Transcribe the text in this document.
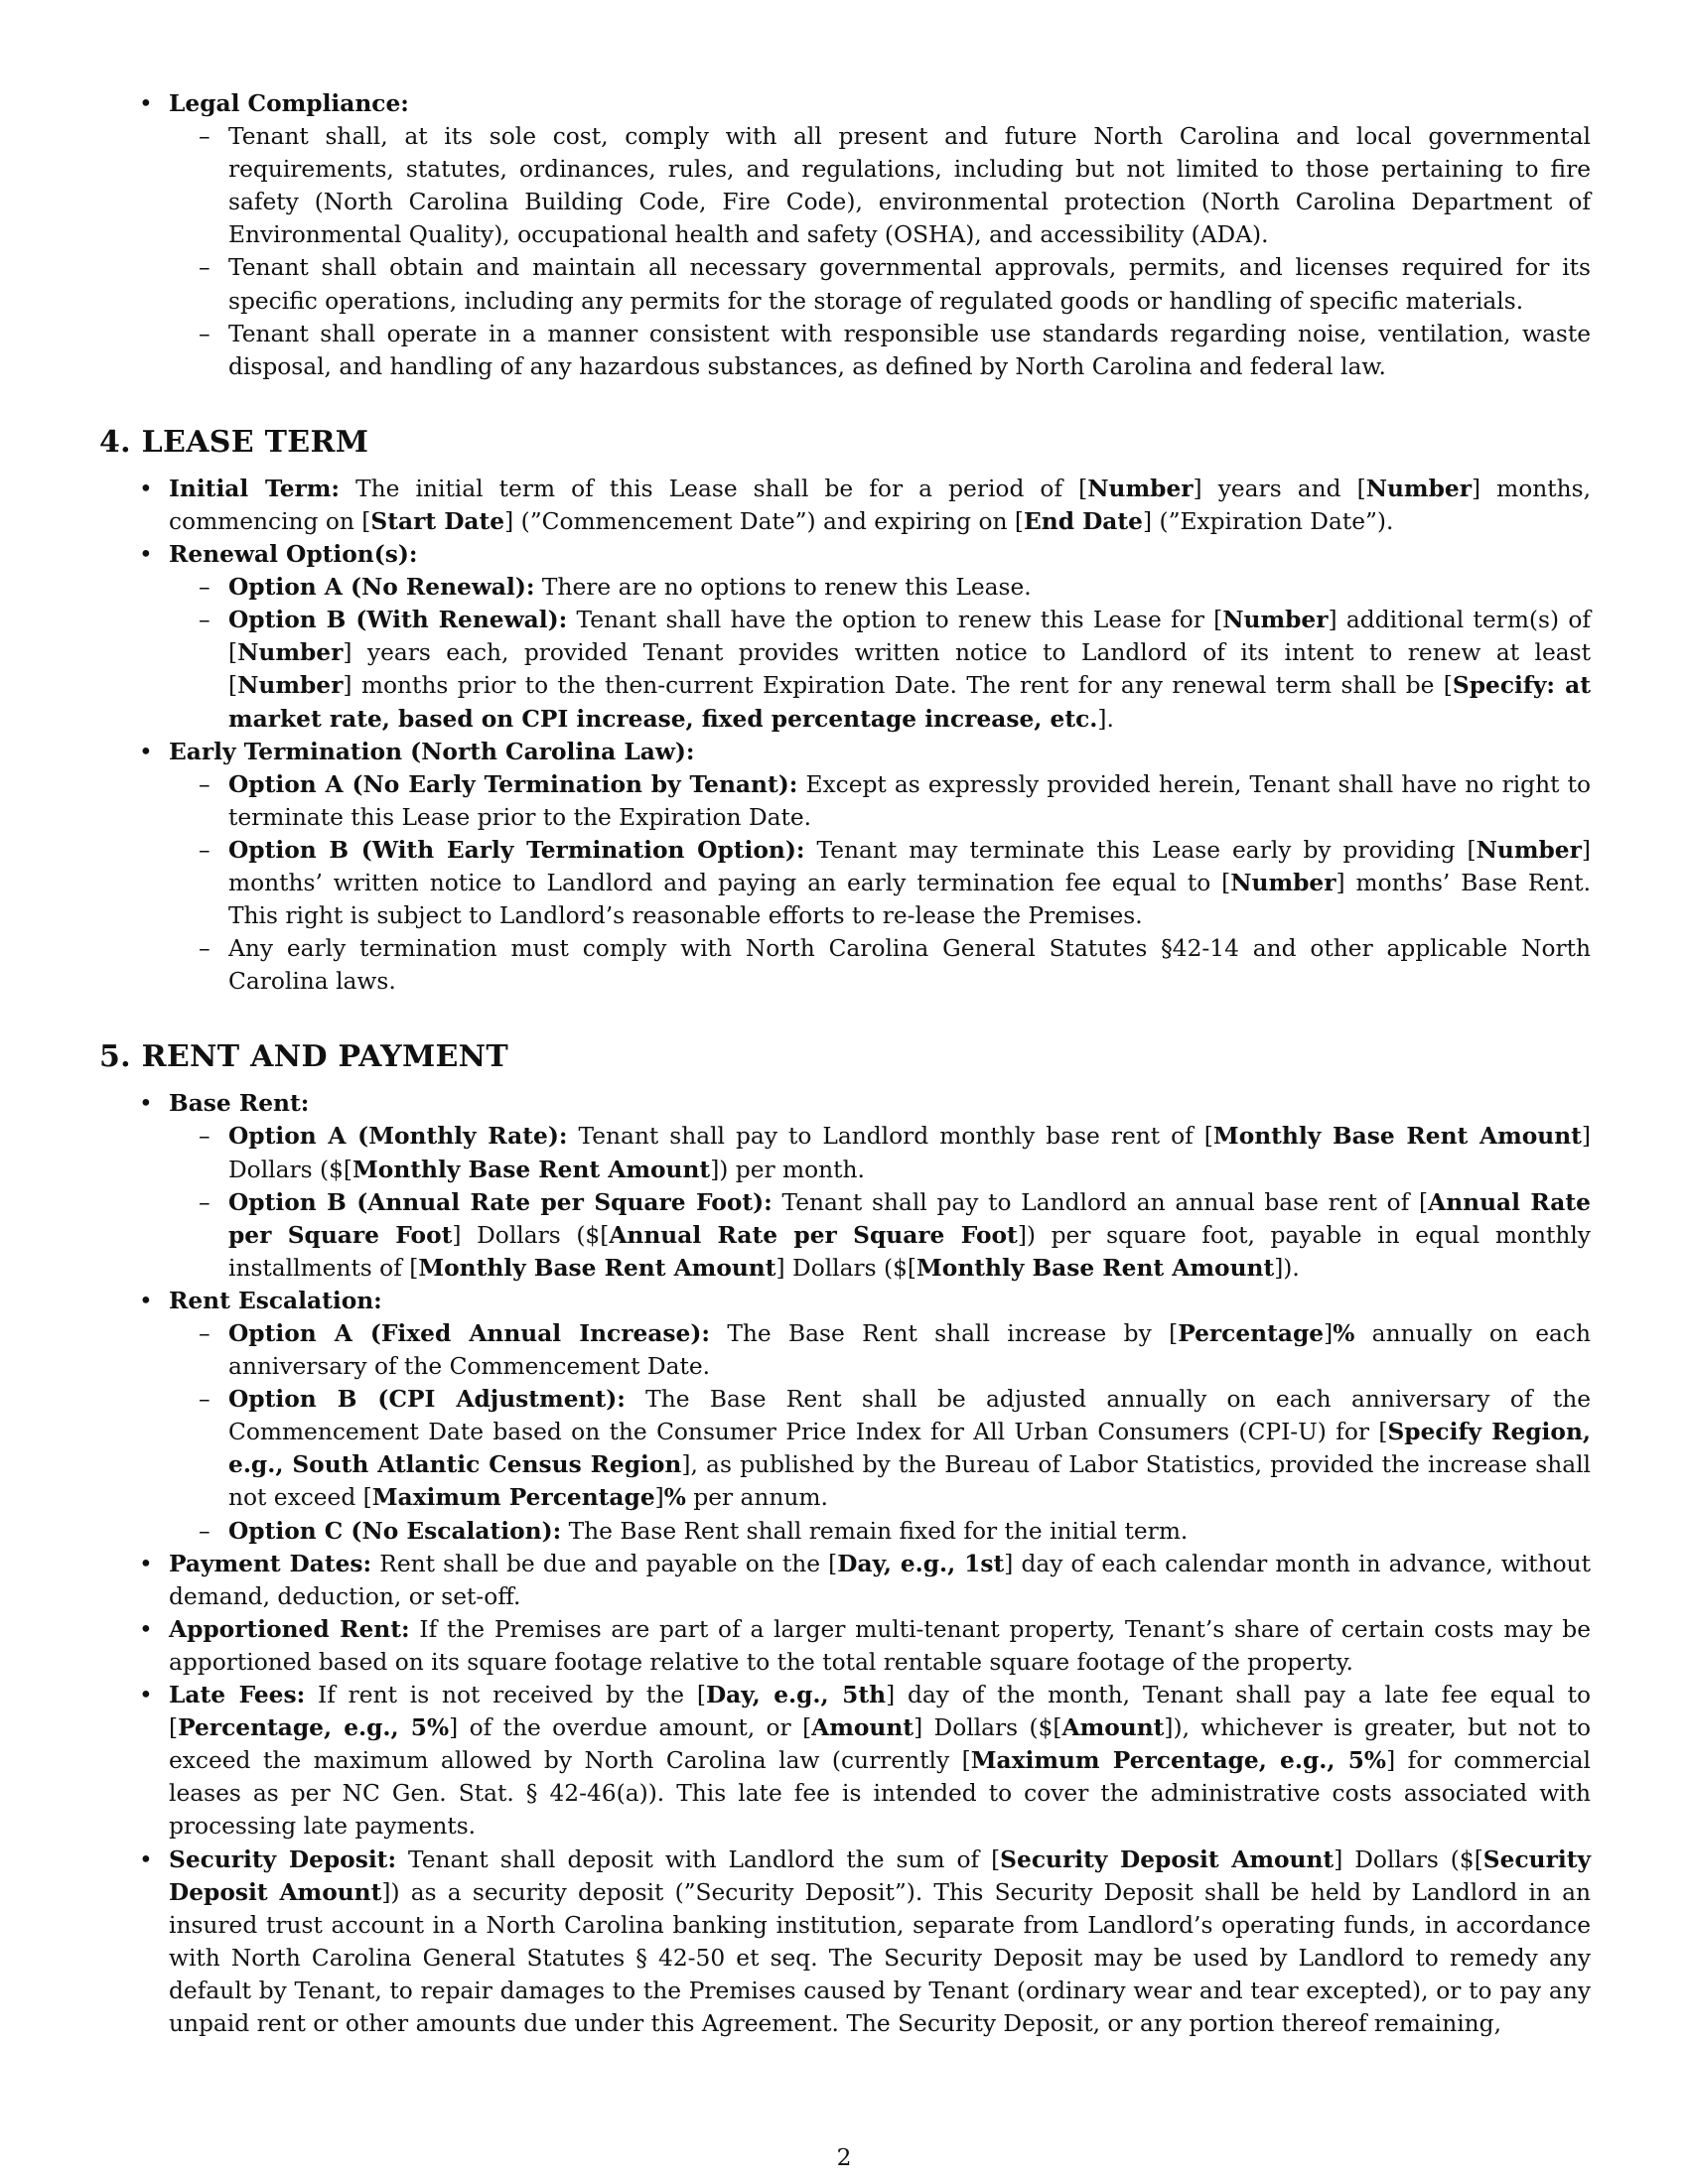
• Legal Compliance:
– Tenant shall, at its sole cost, comply with all present and future North Carolina and local governmental requirements, statutes, ordinances, rules, and regulations, including but not limited to those pertaining to fire safety (North Carolina Building Code, Fire Code), environmental protection (North Carolina Department of Environmental Quality), occupational health and safety (OSHA), and accessibility (ADA).
– Tenant shall obtain and maintain all necessary governmental approvals, permits, and licenses required for its specific operations, including any permits for the storage of regulated goods or handling of specific materials.
– Tenant shall operate in a manner consistent with responsible use standards regarding noise, ventilation, waste disposal, and handling of any hazardous substances, as defined by North Carolina and federal law.
4. LEASE TERM
• Initial Term: The initial term of this Lease shall be for a period of [Number] years and [Number] months, commencing on [Start Date] (”Commencement Date”) and expiring on [End Date] (”Expiration Date”).
• Renewal Option(s):
– Option A (No Renewal): There are no options to renew this Lease.
– Option B (With Renewal): Tenant shall have the option to renew this Lease for [Number] additional term(s) of [Number] years each, provided Tenant provides written notice to Landlord of its intent to renew at least [Number] months prior to the then-current Expiration Date. The rent for any renewal term shall be [Specify: at market rate, based on CPI increase, fixed percentage increase, etc.].
• Early Termination (North Carolina Law):
– Option A (No Early Termination by Tenant): Except as expressly provided herein, Tenant shall have no right to terminate this Lease prior to the Expiration Date.
– Option B (With Early Termination Option): Tenant may terminate this Lease early by providing [Number] months’ written notice to Landlord and paying an early termination fee equal to [Number] months’ Base Rent. This right is subject to Landlord’s reasonable efforts to re-lease the Premises.
– Any early termination must comply with North Carolina General Statutes §42-14 and other applicable North Carolina laws.
5. RENT AND PAYMENT
• Base Rent:
– Option A (Monthly Rate): Tenant shall pay to Landlord monthly base rent of [Monthly Base Rent Amount] Dollars ($[Monthly Base Rent Amount]) per month.
– Option B (Annual Rate per Square Foot): Tenant shall pay to Landlord an annual base rent of [Annual Rate per Square Foot] Dollars ($[Annual Rate per Square Foot]) per square foot, payable in equal monthly installments of [Monthly Base Rent Amount] Dollars ($[Monthly Base Rent Amount]).
• Rent Escalation:
– Option A (Fixed Annual Increase): The Base Rent shall increase by [Percentage]% annually on each anniversary of the Commencement Date.
– Option B (CPI Adjustment): The Base Rent shall be adjusted annually on each anniversary of the Commencement Date based on the Consumer Price Index for All Urban Consumers (CPI-U) for [Specify Region, e.g., South Atlantic Census Region], as published by the Bureau of Labor Statistics, provided the increase shall not exceed [Maximum Percentage]% per annum.
– Option C (No Escalation): The Base Rent shall remain fixed for the initial term.
• Payment Dates: Rent shall be due and payable on the [Day, e.g., 1st] day of each calendar month in advance, without demand, deduction, or set-off.
• Apportioned Rent: If the Premises are part of a larger multi-tenant property, Tenant’s share of certain costs may be apportioned based on its square footage relative to the total rentable square footage of the property.
• Late Fees: If rent is not received by the [Day, e.g., 5th] day of the month, Tenant shall pay a late fee equal to [Percentage, e.g., 5%] of the overdue amount, or [Amount] Dollars ($[Amount]), whichever is greater, but not to exceed the maximum allowed by North Carolina law (currently [Maximum Percentage, e.g., 5%] for commercial leases as per NC Gen. Stat. § 42-46(a)). This late fee is intended to cover the administrative costs associated with processing late payments.
• Security Deposit: Tenant shall deposit with Landlord the sum of [Security Deposit Amount] Dollars ($[Security Deposit Amount]) as a security deposit (”Security Deposit”). This Security Deposit shall be held by Landlord in an insured trust account in a North Carolina banking institution, separate from Landlord’s operating funds, in accordance with North Carolina General Statutes § 42-50 et seq. The Security Deposit may be used by Landlord to remedy any default by Tenant, to repair damages to the Premises caused by Tenant (ordinary wear and tear excepted), or to pay any unpaid rent or other amounts due under this Agreement. The Security Deposit, or any portion thereof remaining,
2
